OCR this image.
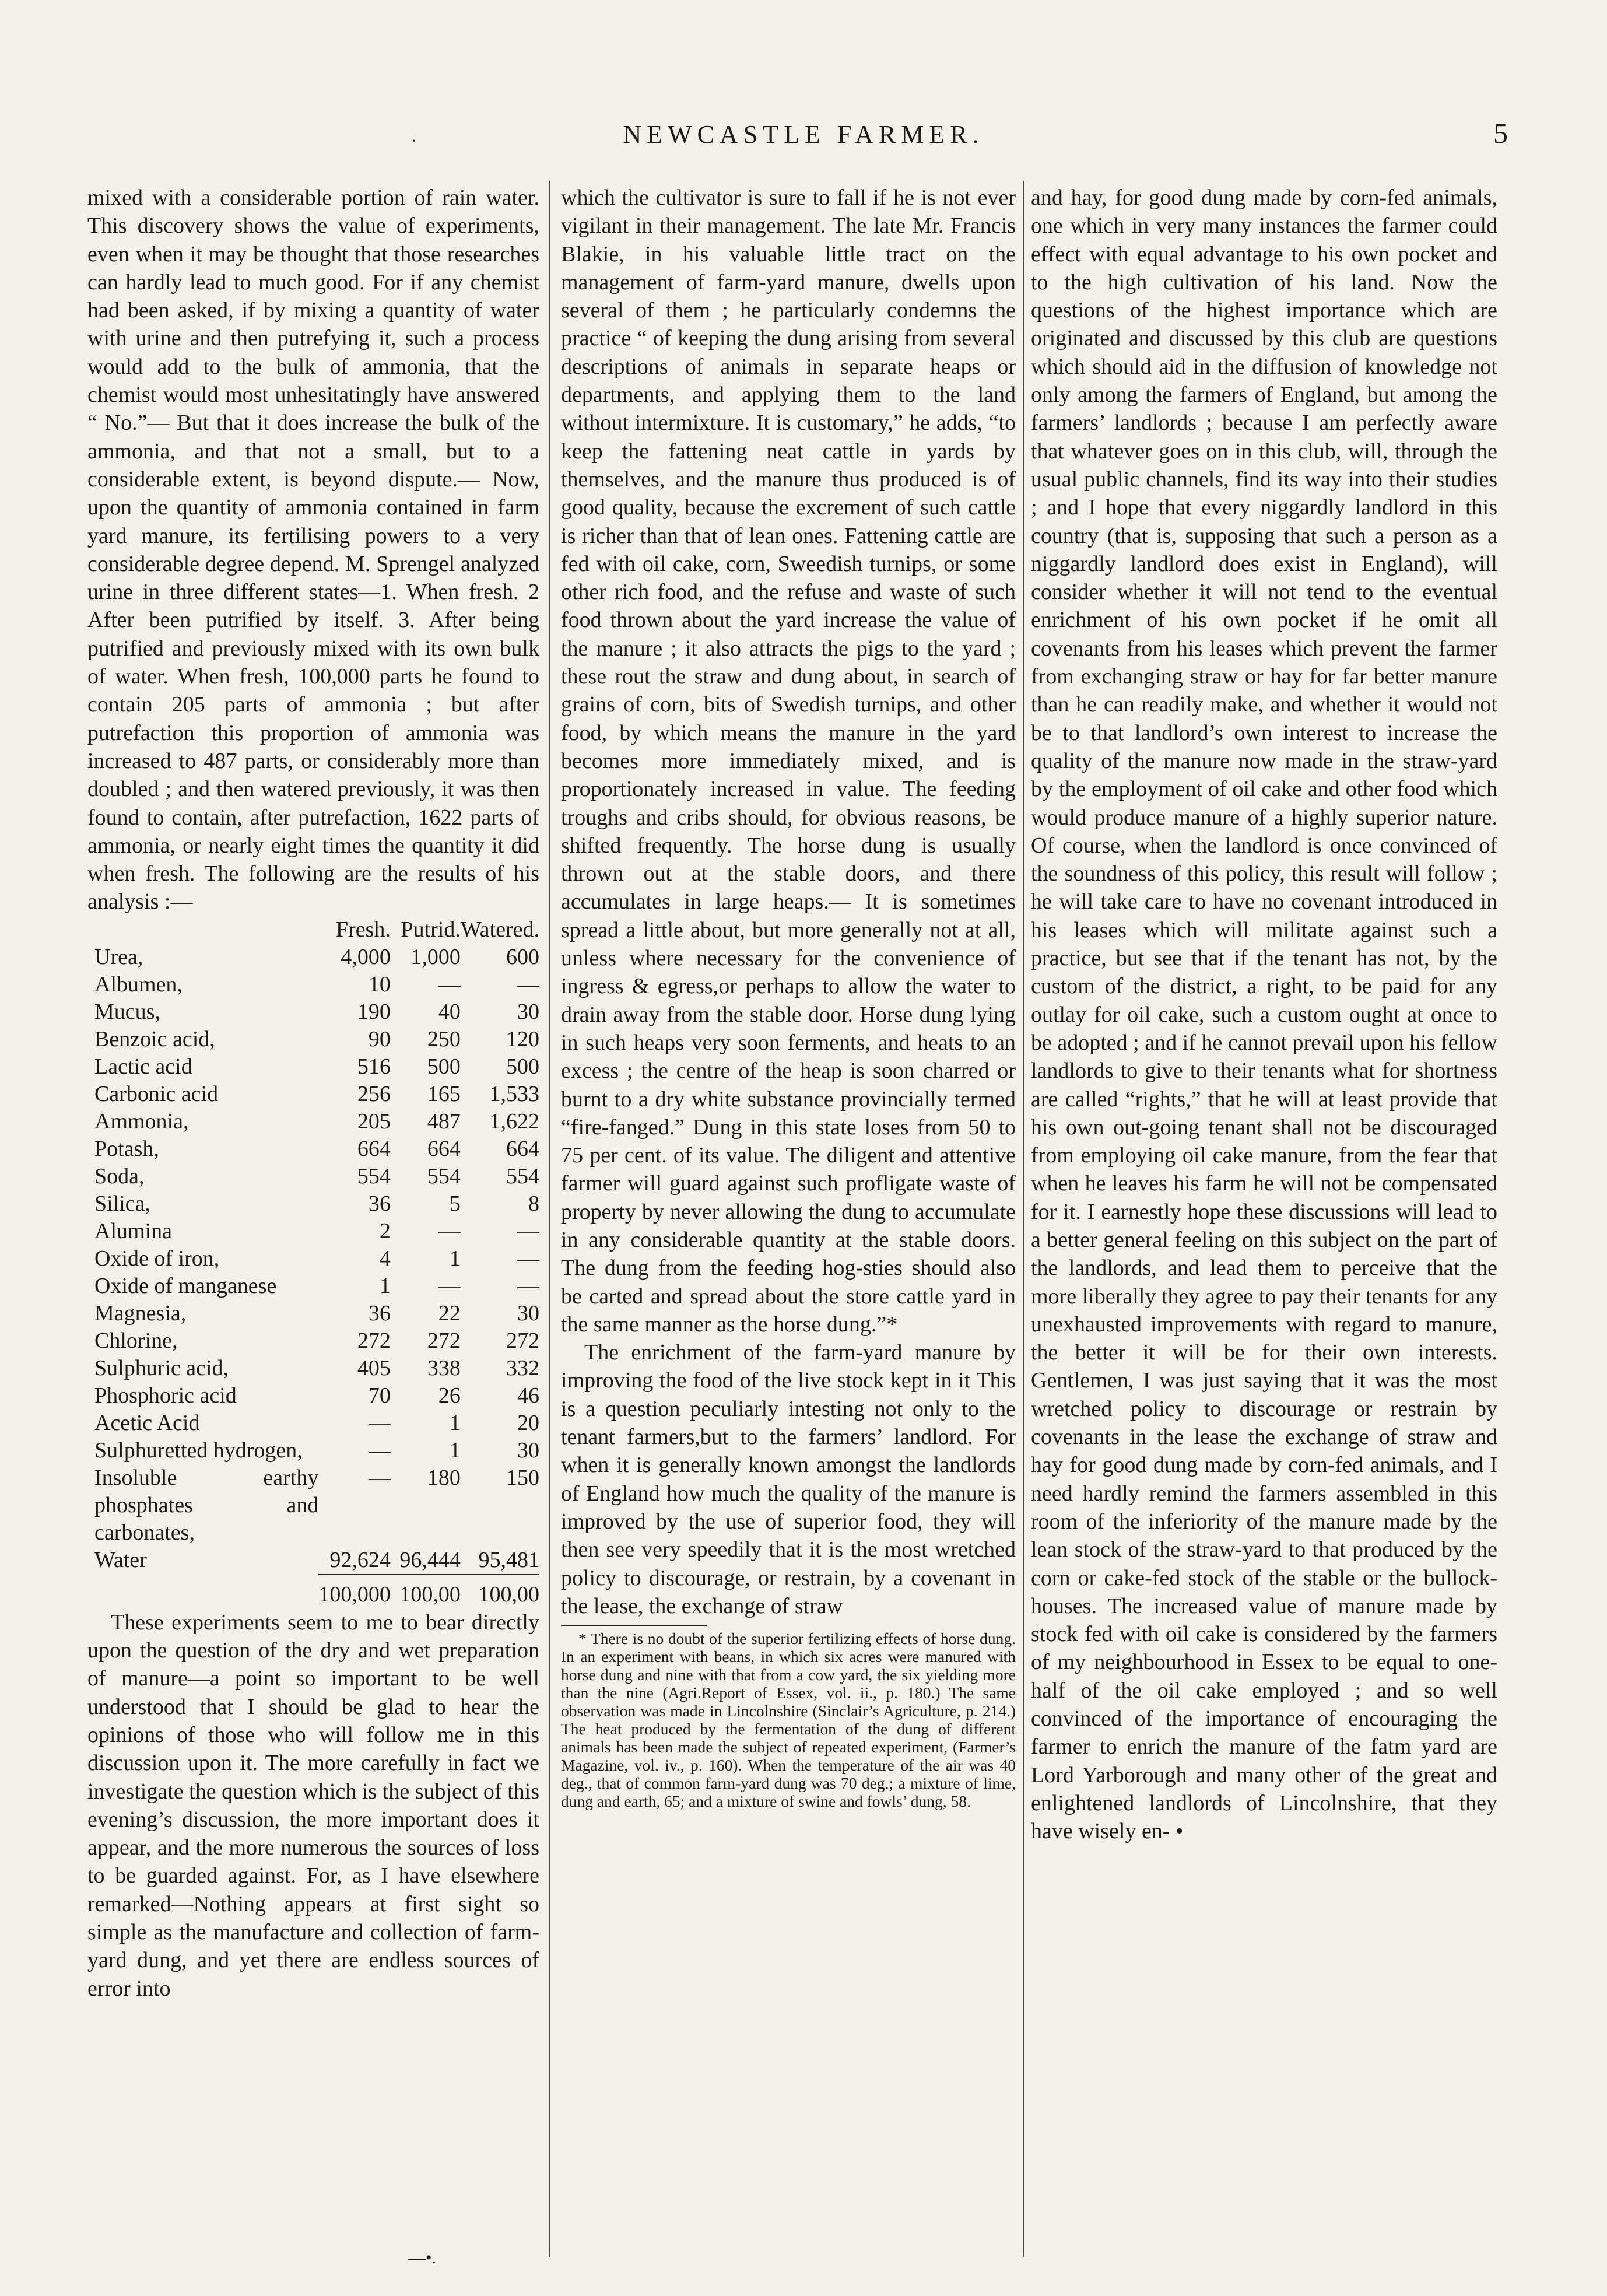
·	NEWCASTLE FARMER.	5

mixed with a considerable portion of rain water. This discovery shows the value of experiments, even when it may be thought that those researches can hardly lead to much good. For if any chemist had been asked, if by mixing a quantity of water with urine and then putrefying it, such a process would add to the bulk of ammonia, that the chemist would most unhesitatingly have answered “ No.”— But that it does increase the bulk of the ammonia, and that not a small, but to a considerable extent, is beyond dispute.— Now, upon the quantity of ammonia contained in farm yard manure, its fertilising powers to a very considerable degree depend. M. Sprengel analyzed urine in three different states—1. When fresh. 2 After been putrified by itself. 3. After being putrified and previously mixed with its own bulk of water. When fresh, 100,000 parts he found to contain 205 parts of ammonia ; but after putrefaction this proportion of ammonia was increased to 487 parts, or considerably more than doubled ; and then watered previously, it was then found to contain, after putrefaction, 1622 parts of ammonia, or nearly eight times the quantity it did when fresh. The following are the results of his analysis :—

	Fresh.	Putrid.	Watered.
Urea,	4,000	1,000	600
Albumen,	10	—	—
Mucus,	190	40	30
Benzoic acid,	90	250	120
Lactic acid	516	500	500
Carbonic acid	256	165	1,533
Ammonia,	205	487	1,622
Potash,	664	664	664
Soda,	554	554	554
Silica,	36	5	8
Alumina	2	—	—
Oxide of iron,	4	1	—
Oxide of manganese	1	—	—
Magnesia,	36	22	30
Chlorine,	272	272	272
Sulphuric acid,	405	338	332
Phosphoric acid	70	26	46
Acetic Acid	—	1	20
Sulphuretted hydrogen,	—	1	30
Insoluble earthy phosphates and carbonates,	—	180	150
Water	92,624	96,444	95,481

	100,000	100,00	100,00

These experiments seem to me to bear directly upon the question of the dry and wet preparation of manure—a point so important to be well understood that I should be glad to hear the opinions of those who will follow me in this discussion upon it. The more carefully in fact we investigate the question which is the subject of this evening’s discussion, the more important does it appear, and the more numerous the sources of loss to be guarded against. For, as I have elsewhere remarked—Nothing appears at first sight so simple as the manufacture and collection of farm-yard dung, and yet there are endless sources of error into

which the cultivator is sure to fall if he is not ever vigilant in their management. The late Mr. Francis Blakie, in his valuable little tract on the management of farm-yard manure, dwells upon several of them ; he particularly condemns the practice “ of keeping the dung arising from several descriptions of animals in separate heaps or departments, and applying them to the land without intermixture. It is customary,” he adds, “to keep the fattening neat cattle in yards by themselves, and the manure thus produced is of good quality, because the excrement of such cattle is richer than that of lean ones. Fattening cattle are fed with oil cake, corn, Sweedish turnips, or some other rich food, and the refuse and waste of such food thrown about the yard increase the value of the manure ; it also attracts the pigs to the yard ; these rout the straw and dung about, in search of grains of corn, bits of Swedish turnips, and other food, by which means the manure in the yard becomes more immediately mixed, and is proportionately increased in value. The feeding troughs and cribs should, for obvious reasons, be shifted frequently. The horse dung is usually thrown out at the stable doors, and there accumulates in large heaps.— It is sometimes spread a little about, but more generally not at all, unless where necessary for the convenience of ingress & egress,or perhaps to allow the water to drain away from the stable door. Horse dung lying in such heaps very soon ferments, and heats to an excess ; the centre of the heap is soon charred or burnt to a dry white substance provincially termed “fire-fanged.” Dung in this state loses from 50 to 75 per cent. of its value. The diligent and attentive farmer will guard against such profligate waste of property by never allowing the dung to accumulate in any considerable quantity at the stable doors. The dung from the feeding hog-sties should also be carted and spread about the store cattle yard in the same manner as the horse dung.”*

The enrichment of the farm-yard manure by improving the food of the live stock kept in it This is a question peculiarly intesting not only to the tenant farmers,but to the farmers’ landlord. For when it is generally known amongst the landlords of England how much the quality of the manure is improved by the use of superior food, they will then see very speedily that it is the most wretched policy to discourage, or restrain, by a covenant in the lease, the exchange of straw

* There is no doubt of the superior fertilizing effects of horse dung. In an experiment with beans, in which six acres were manured with horse dung and nine with that from a cow yard, the six yielding more than the nine (Agri.Report of Essex, vol. ii., p. 180.) The same observation was made in Lincolnshire (Sinclair’s Agriculture, p. 214.) The heat produced by the fermentation of the dung of different animals has been made the subject of repeated experiment, (Farmer’s Magazine, vol. iv., p. 160). When the temperature of the air was 40 deg., that of common farm-yard dung was 70 deg.; a mixture of lime, dung and earth, 65; and a mixture of swine and fowls’ dung, 58.

and hay, for good dung made by corn-fed animals, one which in very many instances the farmer could effect with equal advantage to his own pocket and to the high cultivation of his land. Now the questions of the highest importance which are originated and discussed by this club are questions which should aid in the diffusion of knowledge not only among the farmers of England, but among the farmers’ landlords ; because I am perfectly aware that whatever goes on in this club, will, through the usual public channels, find its way into their studies ; and I hope that every niggardly landlord in this country (that is, supposing that such a person as a niggardly landlord does exist in England), will consider whether it will not tend to the eventual enrichment of his own pocket if he omit all covenants from his leases which prevent the farmer from exchanging straw or hay for far better manure than he can readily make, and whether it would not be to that landlord’s own interest to increase the quality of the manure now made in the straw-yard by the employment of oil cake and other food which would produce manure of a highly superior nature. Of course, when the landlord is once convinced of the soundness of this policy, this result will follow ; he will take care to have no covenant introduced in his leases which will militate against such a practice, but see that if the tenant has not, by the custom of the district, a right, to be paid for any outlay for oil cake, such a custom ought at once to be adopted ; and if he cannot prevail upon his fellow landlords to give to their tenants what for shortness are called “rights,” that he will at least provide that his own out-going tenant shall not be discouraged from employing oil cake manure, from the fear that when he leaves his farm he will not be compensated for it. I earnestly hope these discussions will lead to a better general feeling on this subject on the part of the landlords, and lead them to perceive that the more liberally they agree to pay their tenants for any unexhausted improvements with regard to manure, the better it will be for their own interests. Gentlemen, I was just saying that it was the most wretched policy to discourage or restrain by covenants in the lease the exchange of straw and hay for good dung made by corn-fed animals, and I need hardly remind the farmers assembled in this room of the inferiority of the manure made by the lean stock of the straw-yard to that produced by the corn or cake-fed stock of the stable or the bullock-houses. The increased value of manure made by stock fed with oil cake is considered by the farmers of my neighbourhood in Essex to be equal to one-half of the oil cake employed ; and so well convinced of the importance of encouraging the farmer to enrich the manure of the fatm yard are Lord Yarborough and many other of the great and enlightened landlords of Lincolnshire, that they have wisely en- •

—•.
